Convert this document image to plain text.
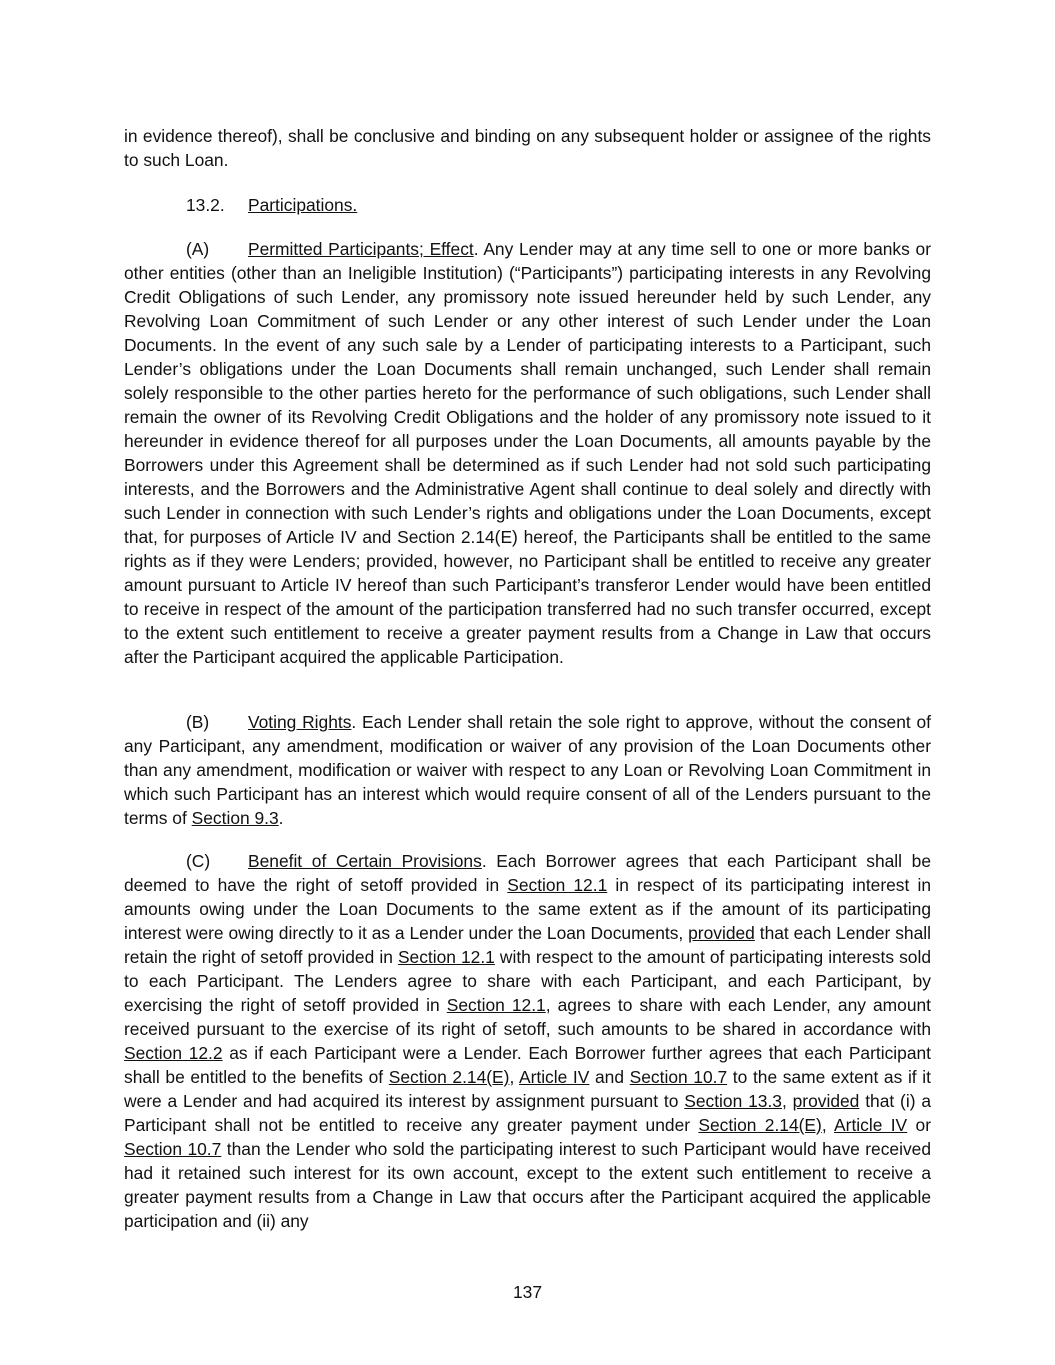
in evidence thereof), shall be conclusive and binding on any subsequent holder or assignee of the rights to such Loan.

13.2. Participations.

(A) Permitted Participants; Effect. Any Lender may at any time sell to one or more banks or other entities (other than an Ineligible Institution) (“Participants”) participating interests in any Revolving Credit Obligations of such Lender, any promissory note issued hereunder held by such Lender, any Revolving Loan Commitment of such Lender or any other interest of such Lender under the Loan Documents. In the event of any such sale by a Lender of participating interests to a Participant, such Lender’s obligations under the Loan Documents shall remain unchanged, such Lender shall remain solely responsible to the other parties hereto for the performance of such obligations, such Lender shall remain the owner of its Revolving Credit Obligations and the holder of any promissory note issued to it hereunder in evidence thereof for all purposes under the Loan Documents, all amounts payable by the Borrowers under this Agreement shall be determined as if such Lender had not sold such participating interests, and the Borrowers and the Administrative Agent shall continue to deal solely and directly with such Lender in connection with such Lender’s rights and obligations under the Loan Documents, except that, for purposes of Article IV and Section 2.14(E) hereof, the Participants shall be entitled to the same rights as if they were Lenders; provided, however, no Participant shall be entitled to receive any greater amount pursuant to Article IV hereof than such Participant’s transferor Lender would have been entitled to receive in respect of the amount of the participation transferred had no such transfer occurred, except to the extent such entitlement to receive a greater payment results from a Change in Law that occurs after the Participant acquired the applicable Participation.

(B) Voting Rights. Each Lender shall retain the sole right to approve, without the consent of any Participant, any amendment, modification or waiver of any provision of the Loan Documents other than any amendment, modification or waiver with respect to any Loan or Revolving Loan Commitment in which such Participant has an interest which would require consent of all of the Lenders pursuant to the terms of Section 9.3.

(C) Benefit of Certain Provisions. Each Borrower agrees that each Participant shall be deemed to have the right of setoff provided in Section 12.1 in respect of its participating interest in amounts owing under the Loan Documents to the same extent as if the amount of its participating interest were owing directly to it as a Lender under the Loan Documents, provided that each Lender shall retain the right of setoff provided in Section 12.1 with respect to the amount of participating interests sold to each Participant. The Lenders agree to share with each Participant, and each Participant, by exercising the right of setoff provided in Section 12.1, agrees to share with each Lender, any amount received pursuant to the exercise of its right of setoff, such amounts to be shared in accordance with Section 12.2 as if each Participant were a Lender. Each Borrower further agrees that each Participant shall be entitled to the benefits of Section 2.14(E), Article IV and Section 10.7 to the same extent as if it were a Lender and had acquired its interest by assignment pursuant to Section 13.3, provided that (i) a Participant shall not be entitled to receive any greater payment under Section 2.14(E), Article IV or Section 10.7 than the Lender who sold the participating interest to such Participant would have received had it retained such interest for its own account, except to the extent such entitlement to receive a greater payment results from a Change in Law that occurs after the Participant acquired the applicable participation and (ii) any

137
